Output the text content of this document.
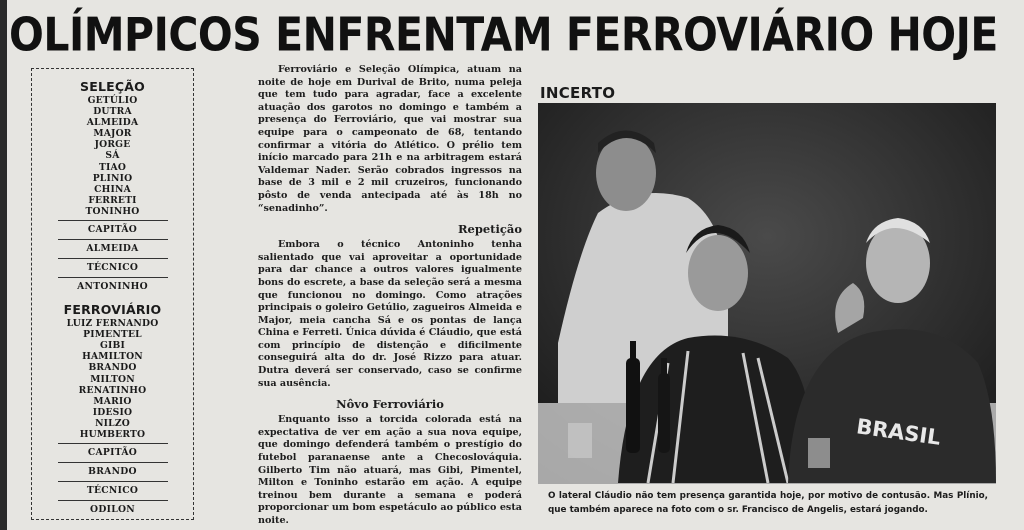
OLÍMPICOS ENFRENTAM FERROVIÁRIO HOJE
SELEÇÃO
GETÚLIO
DUTRA
ALMEIDA
MAJOR
JORGE
SÁ
TIAO
PLINIO
CHINA
FERRETI
TONINHO
CAPITÃO
ALMEIDA
TÉCNICO
ANTONINHO
FERROVIÁRIO
LUIZ FERNANDO
PIMENTEL
GIBI
HAMILTON
BRANDO
MILTON
RENATINHO
MARIO
IDESIO
NILZO
HUMBERTO
CAPITÃO
BRANDO
TÉCNICO
ODILON

Ferroviário e Seleção Olímpica, atuam na noite de hoje em Durival de Brito, numa peleja que tem tudo para agradar, face a excelente atuação dos garotos no domingo e também a presença do Ferroviário, que vai mostrar sua equipe para o campeonato de 68, tentando confirmar a vitória do Atlético. O prélio tem início marcado para 21h e na arbitragem estará Valdemar Nader. Serão cobrados ingressos na base de 3 mil e 2 mil cruzeiros, funcionando pôsto de venda antecipada até às 18h no “senadinho”.

Repetição

Embora o técnico Antoninho tenha salientado que vai aproveitar a oportunidade para dar chance a outros valores igualmente bons do escrete, a base da seleção será a mesma que funcionou no domingo. Como atrações principais o goleiro Getúlio, zagueiros Almeida e Major, meia cancha Sá e os pontas de lança China e Ferreti. Única dúvida é Cláudio, que está com princípio de distenção e dificilmente conseguirá alta do dr. José Rizzo para atuar. Dutra deverá ser conservado, caso se confirme sua ausência.

Nôvo Ferroviário

Enquanto isso a torcida colorada está na expectativa de ver em ação a sua nova equipe, que domingo defenderá também o prestígio do futebol paranaense ante a Checoslováquia. Gilberto Tim não atuará, mas Gibi, Pimentel, Milton e Toninho estarão em ação. A equipe treinou bem durante a semana e poderá proporcionar um bom espetáculo ao público esta noite.

INCERTO
BRASIL
O lateral Cláudio não tem presença garantida hoje, por motivo de contusão. Mas Plínio, que também aparece na foto com o sr. Francisco de Angelis, estará jogando.
